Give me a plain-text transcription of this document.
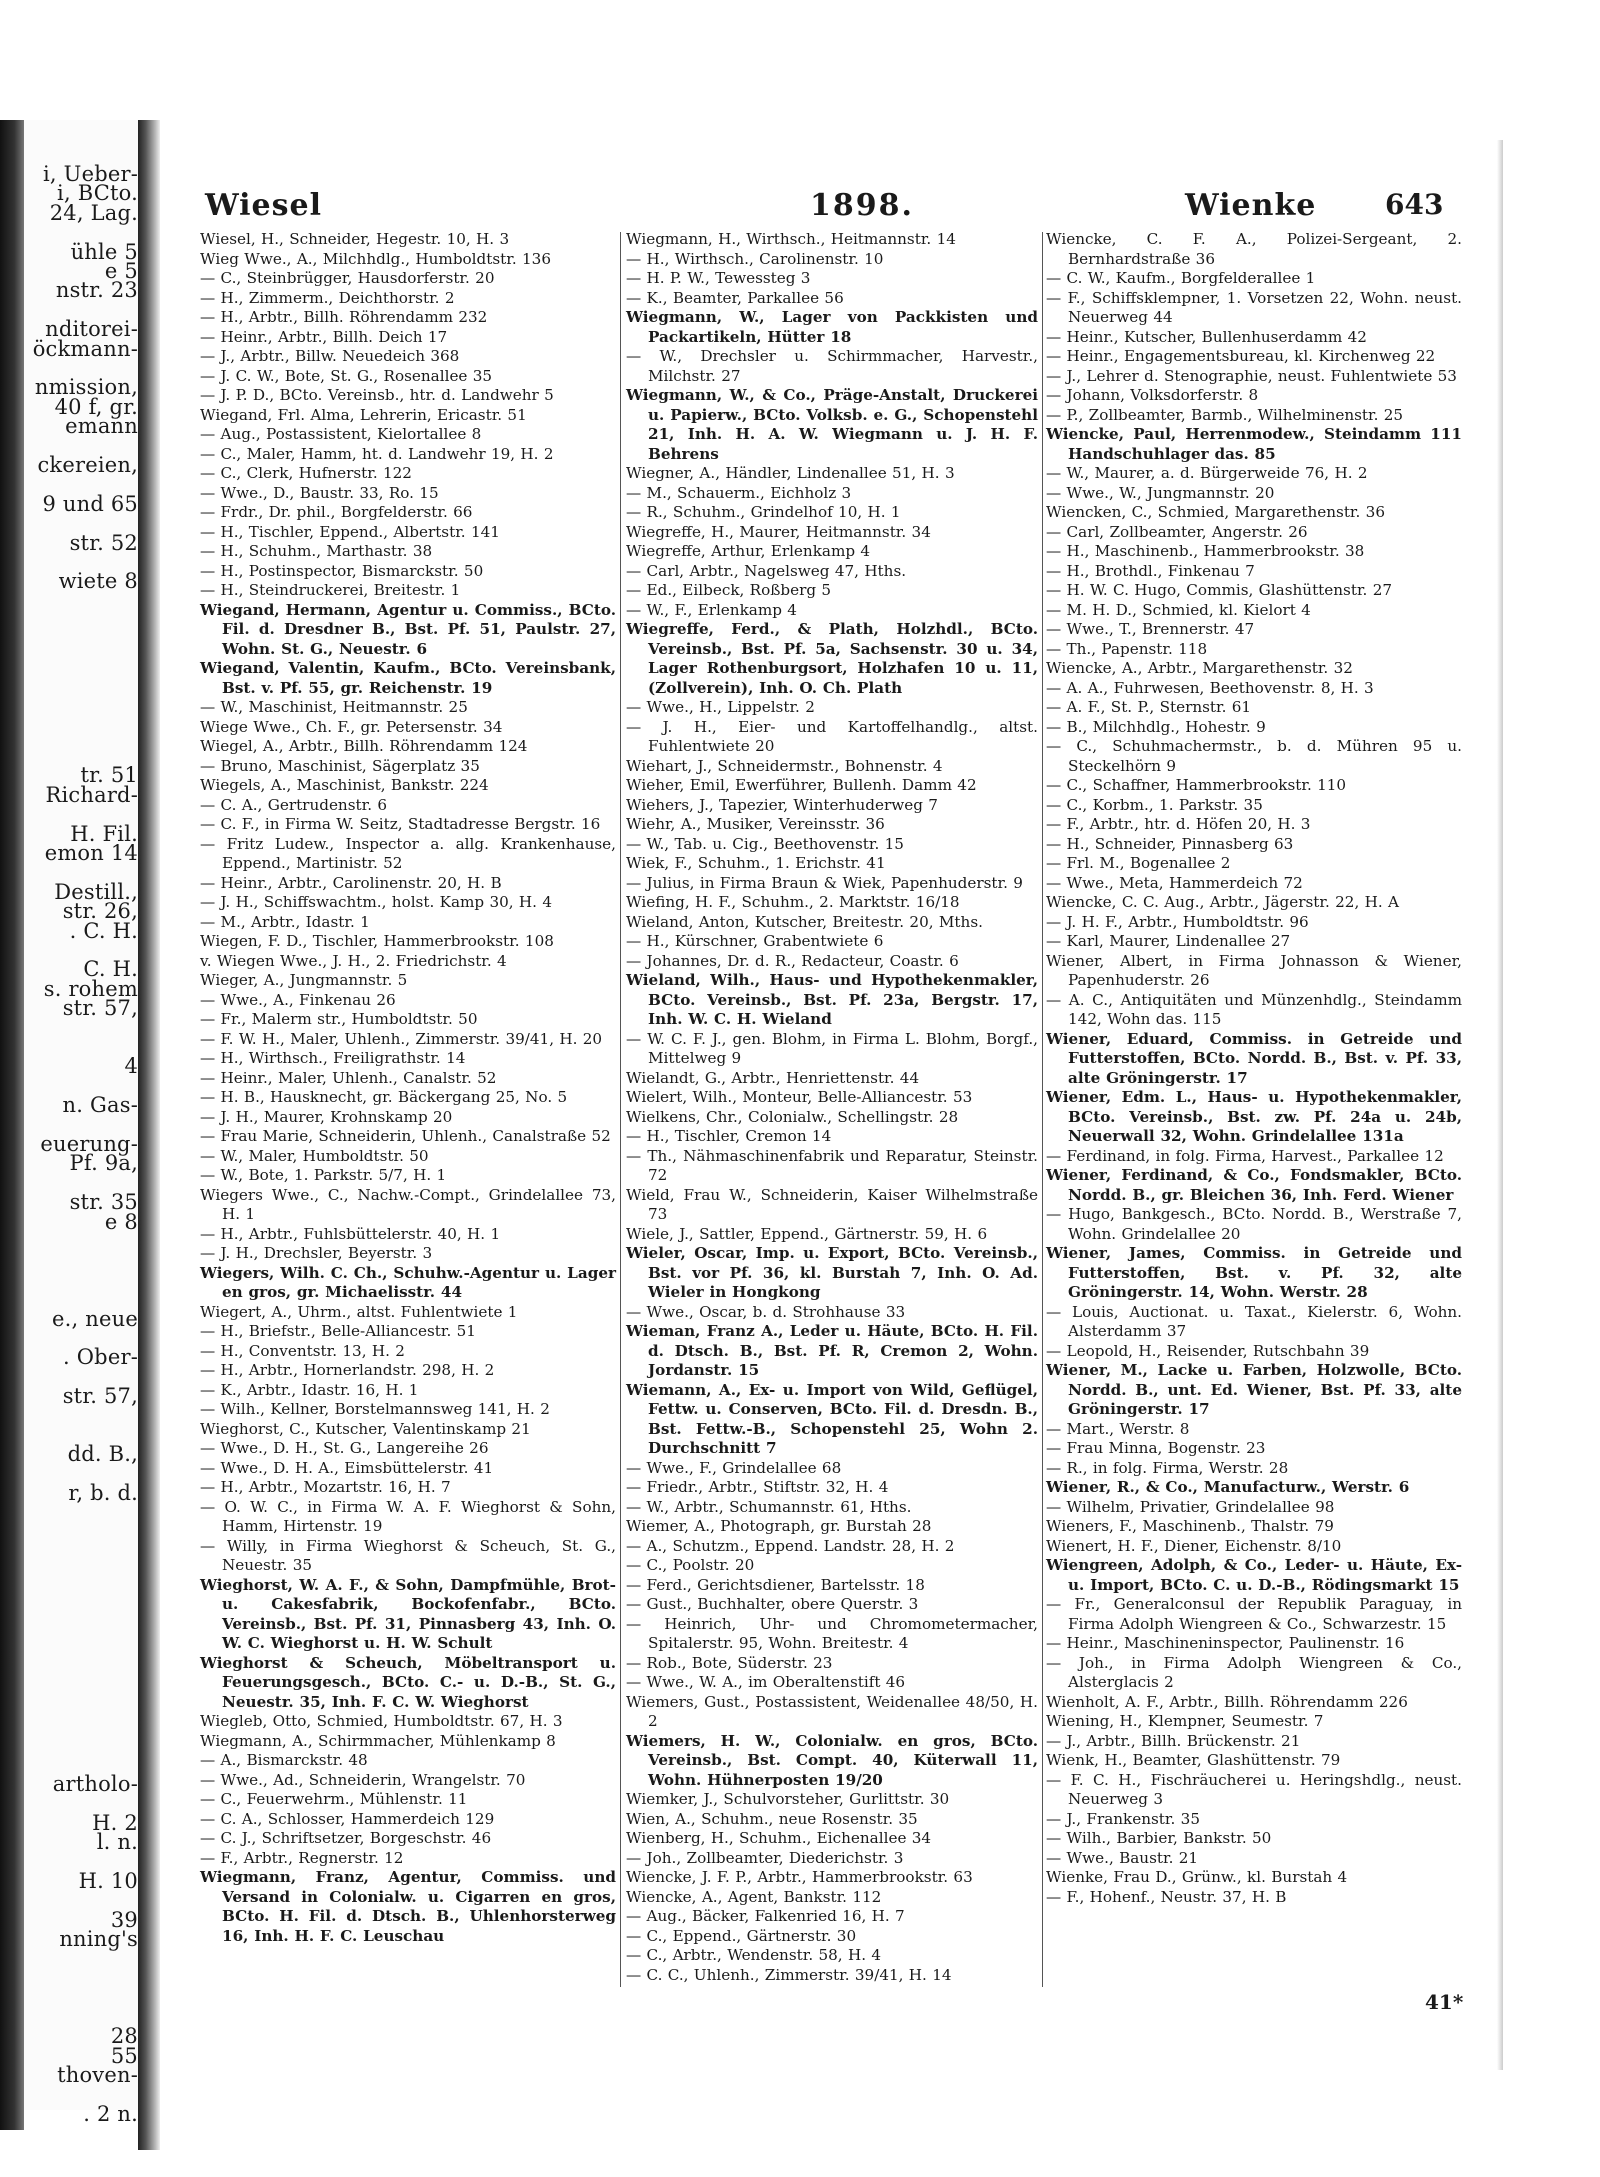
i, Ueber-
i, BCto.
24, Lag.
ühle 5
e 5
nstr. 23
nditorei-
öckmann-
nmission,
40 f, gr.
emann
ckereien,
9 und 65
str. 52
wiete 8
tr. 51
Richard-
H. Fil.
emon 14
Destill.,
str. 26,
. C. H.
C. H.
s. rohem
str. 57,
4
n. Gas-
euerung-
Pf. 9a,
str. 35
e 8
e., neue
. Ober-
str. 57,
dd. B.,
r, b. d.
artholo-
H. 2
l. n.
H. 10
39
nning's
28
55
thoven-
. 2 n.
Wiesel	1898.	Wienke 643

Wiesel, H., Schneider, Hegestr. 10, H. 3

Wieg Wwe., A., Milchhdlg., Humboldtstr. 136

— C., Steinbrügger, Hausdorferstr. 20

— H., Zimmerm., Deichthorstr. 2

— H., Arbtr., Billh. Röhrendamm 232

— Heinr., Arbtr., Billh. Deich 17

— J., Arbtr., Billw. Neuedeich 368

— J. C. W., Bote, St. G., Rosenallee 35

— J. P. D., BCto. Vereinsb., htr. d. Landwehr 5

Wiegand, Frl. Alma, Lehrerin, Ericastr. 51

— Aug., Postassistent, Kielortallee 8

— C., Maler, Hamm, ht. d. Landwehr 19, H. 2

— C., Clerk, Hufnerstr. 122

— Wwe., D., Baustr. 33, Ro. 15

— Frdr., Dr. phil., Borgfelderstr. 66

— H., Tischler, Eppend., Albertstr. 141

— H., Schuhm., Marthastr. 38

— H., Postinspector, Bismarckstr. 50

— H., Steindruckerei, Breitestr. 1

Wiegand, Hermann, Agentur u. Commiss., BCto. Fil. d. Dresdner B., Bst. Pf. 51, Paulstr. 27, Wohn. St. G., Neuestr. 6

Wiegand, Valentin, Kaufm., BCto. Vereinsbank, Bst. v. Pf. 55, gr. Reichenstr. 19

— W., Maschinist, Heitmannstr. 25

Wiege Wwe., Ch. F., gr. Petersenstr. 34

Wiegel, A., Arbtr., Billh. Röhrendamm 124

— Bruno, Maschinist, Sägerplatz 35

Wiegels, A., Maschinist, Bankstr. 224

— C. A., Gertrudenstr. 6

— C. F., in Firma W. Seitz, Stadtadresse Bergstr. 16

— Fritz Ludew., Inspector a. allg. Krankenhause, Eppend., Martinistr. 52

— Heinr., Arbtr., Carolinenstr. 20, H. B

— J. H., Schiffswachtm., holst. Kamp 30, H. 4

— M., Arbtr., Idastr. 1

Wiegen, F. D., Tischler, Hammerbrookstr. 108

v. Wiegen Wwe., J. H., 2. Friedrichstr. 4

Wieger, A., Jungmannstr. 5

— Wwe., A., Finkenau 26

— Fr., Malerm str., Humboldtstr. 50

— F. W. H., Maler, Uhlenh., Zimmerstr. 39/41, H. 20

— H., Wirthsch., Freiligrathstr. 14

— Heinr., Maler, Uhlenh., Canalstr. 52

— H. B., Hausknecht, gr. Bäckergang 25, No. 5

— J. H., Maurer, Krohnskamp 20

— Frau Marie, Schneiderin, Uhlenh., Canalstraße 52

— W., Maler, Humboldtstr. 50

— W., Bote, 1. Parkstr. 5/7, H. 1

Wiegers Wwe., C., Nachw.-Compt., Grindelallee 73, H. 1

— H., Arbtr., Fuhlsbüttelerstr. 40, H. 1

— J. H., Drechsler, Beyerstr. 3

Wiegers, Wilh. C. Ch., Schuhw.-Agentur u. Lager en gros, gr. Michaelisstr. 44

Wiegert, A., Uhrm., altst. Fuhlentwiete 1

— H., Briefstr., Belle-Alliancestr. 51

— H., Conventstr. 13, H. 2

— H., Arbtr., Hornerlandstr. 298, H. 2

— K., Arbtr., Idastr. 16, H. 1

— Wilh., Kellner, Borstelmannsweg 141, H. 2

Wieghorst, C., Kutscher, Valentinskamp 21

— Wwe., D. H., St. G., Langereihe 26

— Wwe., D. H. A., Eimsbüttelerstr. 41

— H., Arbtr., Mozartstr. 16, H. 7

— O. W. C., in Firma W. A. F. Wieghorst & Sohn, Hamm, Hirtenstr. 19

— Willy, in Firma Wieghorst & Scheuch, St. G., Neuestr. 35

Wieghorst, W. A. F., & Sohn, Dampfmühle, Brot- u. Cakesfabrik, Bockofenfabr., BCto. Vereinsb., Bst. Pf. 31, Pinnasberg 43, Inh. O. W. C. Wieghorst u. H. W. Schult

Wieghorst & Scheuch, Möbeltransport u. Feuerungsgesch., BCto. C.- u. D.-B., St. G., Neuestr. 35, Inh. F. C. W. Wieghorst

Wiegleb, Otto, Schmied, Humboldtstr. 67, H. 3

Wiegmann, A., Schirmmacher, Mühlenkamp 8

— A., Bismarckstr. 48

— Wwe., Ad., Schneiderin, Wrangelstr. 70

— C., Feuerwehrm., Mühlenstr. 11

— C. A., Schlosser, Hammerdeich 129

— C. J., Schriftsetzer, Borgeschstr. 46

— F., Arbtr., Regnerstr. 12

Wiegmann, Franz, Agentur, Commiss. und Versand in Colonialw. u. Cigarren en gros, BCto. H. Fil. d. Dtsch. B., Uhlenhorsterweg 16, Inh. H. F. C. Leuschau

Wiegmann, H., Wirthsch., Heitmannstr. 14

— H., Wirthsch., Carolinenstr. 10

— H. P. W., Tewessteg 3

— K., Beamter, Parkallee 56

Wiegmann, W., Lager von Packkisten und Packartikeln, Hütter 18

— W., Drechsler u. Schirmmacher, Harvestr., Milchstr. 27

Wiegmann, W., & Co., Präge-Anstalt, Druckerei u. Papierw., BCto. Volksb. e. G., Schopenstehl 21, Inh. H. A. W. Wiegmann u. J. H. F. Behrens

Wiegner, A., Händler, Lindenallee 51, H. 3

— M., Schauerm., Eichholz 3

— R., Schuhm., Grindelhof 10, H. 1

Wiegreffe, H., Maurer, Heitmannstr. 34

Wiegreffe, Arthur, Erlenkamp 4

— Carl, Arbtr., Nagelsweg 47, Hths.

— Ed., Eilbeck, Roßberg 5

— W., F., Erlenkamp 4

Wiegreffe, Ferd., & Plath, Holzhdl., BCto. Vereinsb., Bst. Pf. 5a, Sachsenstr. 30 u. 34, Lager Rothenburgsort, Holzhafen 10 u. 11, (Zollverein), Inh. O. Ch. Plath

— Wwe., H., Lippelstr. 2

— J. H., Eier- und Kartoffelhandlg., altst. Fuhlentwiete 20

Wiehart, J., Schneidermstr., Bohnenstr. 4

Wieher, Emil, Ewerführer, Bullenh. Damm 42

Wiehers, J., Tapezier, Winterhuderweg 7

Wiehr, A., Musiker, Vereinsstr. 36

— W., Tab. u. Cig., Beethovenstr. 15

Wiek, F., Schuhm., 1. Erichstr. 41

— Julius, in Firma Braun & Wiek, Papenhuderstr. 9

Wiefing, H. F., Schuhm., 2. Marktstr. 16/18

Wieland, Anton, Kutscher, Breitestr. 20, Mths.

— H., Kürschner, Grabentwiete 6

— Johannes, Dr. d. R., Redacteur, Coastr. 6

Wieland, Wilh., Haus- und Hypothekenmakler, BCto. Vereinsb., Bst. Pf. 23a, Bergstr. 17, Inh. W. C. H. Wieland

— W. C. F. J., gen. Blohm, in Firma L. Blohm, Borgf., Mittelweg 9

Wielandt, G., Arbtr., Henriettenstr. 44

Wielert, Wilh., Monteur, Belle-Alliancestr. 53

Wielkens, Chr., Colonialw., Schellingstr. 28

— H., Tischler, Cremon 14

— Th., Nähmaschinenfabrik und Reparatur, Steinstr. 72

Wield, Frau W., Schneiderin, Kaiser Wilhelmstraße 73

Wiele, J., Sattler, Eppend., Gärtnerstr. 59, H. 6

Wieler, Oscar, Imp. u. Export, BCto. Vereinsb., Bst. vor Pf. 36, kl. Burstah 7, Inh. O. Ad. Wieler in Hongkong

— Wwe., Oscar, b. d. Strohhause 33

Wieman, Franz A., Leder u. Häute, BCto. H. Fil. d. Dtsch. B., Bst. Pf. R, Cremon 2, Wohn. Jordanstr. 15

Wiemann, A., Ex- u. Import von Wild, Geflügel, Fettw. u. Conserven, BCto. Fil. d. Dresdn. B., Bst. Fettw.-B., Schopenstehl 25, Wohn 2. Durchschnitt 7

— Wwe., F., Grindelallee 68

— Friedr., Arbtr., Stiftstr. 32, H. 4

— W., Arbtr., Schumannstr. 61, Hths.

Wiemer, A., Photograph, gr. Burstah 28

— A., Schutzm., Eppend. Landstr. 28, H. 2

— C., Poolstr. 20

— Ferd., Gerichtsdiener, Bartelsstr. 18

— Gust., Buchhalter, obere Querstr. 3

— Heinrich, Uhr- und Chromometermacher, Spitalerstr. 95, Wohn. Breitestr. 4

— Rob., Bote, Süderstr. 23

— Wwe., W. A., im Oberaltenstift 46

Wiemers, Gust., Postassistent, Weidenallee 48/50, H. 2

Wiemers, H. W., Colonialw. en gros, BCto. Vereinsb., Bst. Compt. 40, Küterwall 11, Wohn. Hühnerposten 19/20

Wiemker, J., Schulvorsteher, Gurlittstr. 30

Wien, A., Schuhm., neue Rosenstr. 35

Wienberg, H., Schuhm., Eichenallee 34

— Joh., Zollbeamter, Diederichstr. 3

Wiencke, J. F. P., Arbtr., Hammerbrookstr. 63

Wiencke, A., Agent, Bankstr. 112

— Aug., Bäcker, Falkenried 16, H. 7

— C., Eppend., Gärtnerstr. 30

— C., Arbtr., Wendenstr. 58, H. 4

— C. C., Uhlenh., Zimmerstr. 39/41, H. 14

Wiencke, C. F. A., Polizei-Sergeant, 2. Bernhardstraße 36

— C. W., Kaufm., Borgfelderallee 1

— F., Schiffsklempner, 1. Vorsetzen 22, Wohn. neust. Neuerweg 44

— Heinr., Kutscher, Bullenhuserdamm 42

— Heinr., Engagementsbureau, kl. Kirchenweg 22

— J., Lehrer d. Stenographie, neust. Fuhlentwiete 53

— Johann, Volksdorferstr. 8

— P., Zollbeamter, Barmb., Wilhelminenstr. 25

Wiencke, Paul, Herrenmodew., Steindamm 111 Handschuhlager das. 85

— W., Maurer, a. d. Bürgerweide 76, H. 2

— Wwe., W., Jungmannstr. 20

Wiencken, C., Schmied, Margarethenstr. 36

— Carl, Zollbeamter, Angerstr. 26

— H., Maschinenb., Hammerbrookstr. 38

— H., Brothdl., Finkenau 7

— H. W. C. Hugo, Commis, Glashüttenstr. 27

— M. H. D., Schmied, kl. Kielort 4

— Wwe., T., Brennerstr. 47

— Th., Papenstr. 118

Wiencke, A., Arbtr., Margarethenstr. 32

— A. A., Fuhrwesen, Beethovenstr. 8, H. 3

— A. F., St. P., Sternstr. 61

— B., Milchhdlg., Hohestr. 9

— C., Schuhmachermstr., b. d. Mühren 95 u. Steckelhörn 9

— C., Schaffner, Hammerbrookstr. 110

— C., Korbm., 1. Parkstr. 35

— F., Arbtr., htr. d. Höfen 20, H. 3

— H., Schneider, Pinnasberg 63

— Frl. M., Bogenallee 2

— Wwe., Meta, Hammerdeich 72

Wiencke, C. C. Aug., Arbtr., Jägerstr. 22, H. A

— J. H. F., Arbtr., Humboldtstr. 96

— Karl, Maurer, Lindenallee 27

Wiener, Albert, in Firma Johnasson & Wiener, Papenhuderstr. 26

— A. C., Antiquitäten und Münzenhdlg., Steindamm 142, Wohn das. 115

Wiener, Eduard, Commiss. in Getreide und Futterstoffen, BCto. Nordd. B., Bst. v. Pf. 33, alte Gröningerstr. 17

Wiener, Edm. L., Haus- u. Hypothekenmakler, BCto. Vereinsb., Bst. zw. Pf. 24a u. 24b, Neuerwall 32, Wohn. Grindelallee 131a

— Ferdinand, in folg. Firma, Harvest., Parkallee 12

Wiener, Ferdinand, & Co., Fondsmakler, BCto. Nordd. B., gr. Bleichen 36, Inh. Ferd. Wiener

— Hugo, Bankgesch., BCto. Nordd. B., Werstraße 7, Wohn. Grindelallee 20

Wiener, James, Commiss. in Getreide und Futterstoffen, Bst. v. Pf. 32, alte Gröningerstr. 14, Wohn. Werstr. 28

— Louis, Auctionat. u. Taxat., Kielerstr. 6, Wohn. Alsterdamm 37

— Leopold, H., Reisender, Rutschbahn 39

Wiener, M., Lacke u. Farben, Holzwolle, BCto. Nordd. B., unt. Ed. Wiener, Bst. Pf. 33, alte Gröningerstr. 17

— Mart., Werstr. 8

— Frau Minna, Bogenstr. 23

— R., in folg. Firma, Werstr. 28

Wiener, R., & Co., Manufacturw., Werstr. 6

— Wilhelm, Privatier, Grindelallee 98

Wieners, F., Maschinenb., Thalstr. 79

Wienert, H. F., Diener, Eichenstr. 8/10

Wiengreen, Adolph, & Co., Leder- u. Häute, Ex- u. Import, BCto. C. u. D.-B., Rödingsmarkt 15

— Fr., Generalconsul der Republik Paraguay, in Firma Adolph Wiengreen & Co., Schwarzestr. 15

— Heinr., Maschineninspector, Paulinenstr. 16

— Joh., in Firma Adolph Wiengreen & Co., Alsterglacis 2

Wienholt, A. F., Arbtr., Billh. Röhrendamm 226

Wiening, H., Klempner, Seumestr. 7

— J., Arbtr., Billh. Brückenstr. 21

Wienk, H., Beamter, Glashüttenstr. 79

— F. C. H., Fischräucherei u. Heringshdlg., neust. Neuerweg 3

— J., Frankenstr. 35

— Wilh., Barbier, Bankstr. 50

— Wwe., Baustr. 21

Wienke, Frau D., Grünw., kl. Burstah 4

— F., Hohenf., Neustr. 37, H. B

41*
